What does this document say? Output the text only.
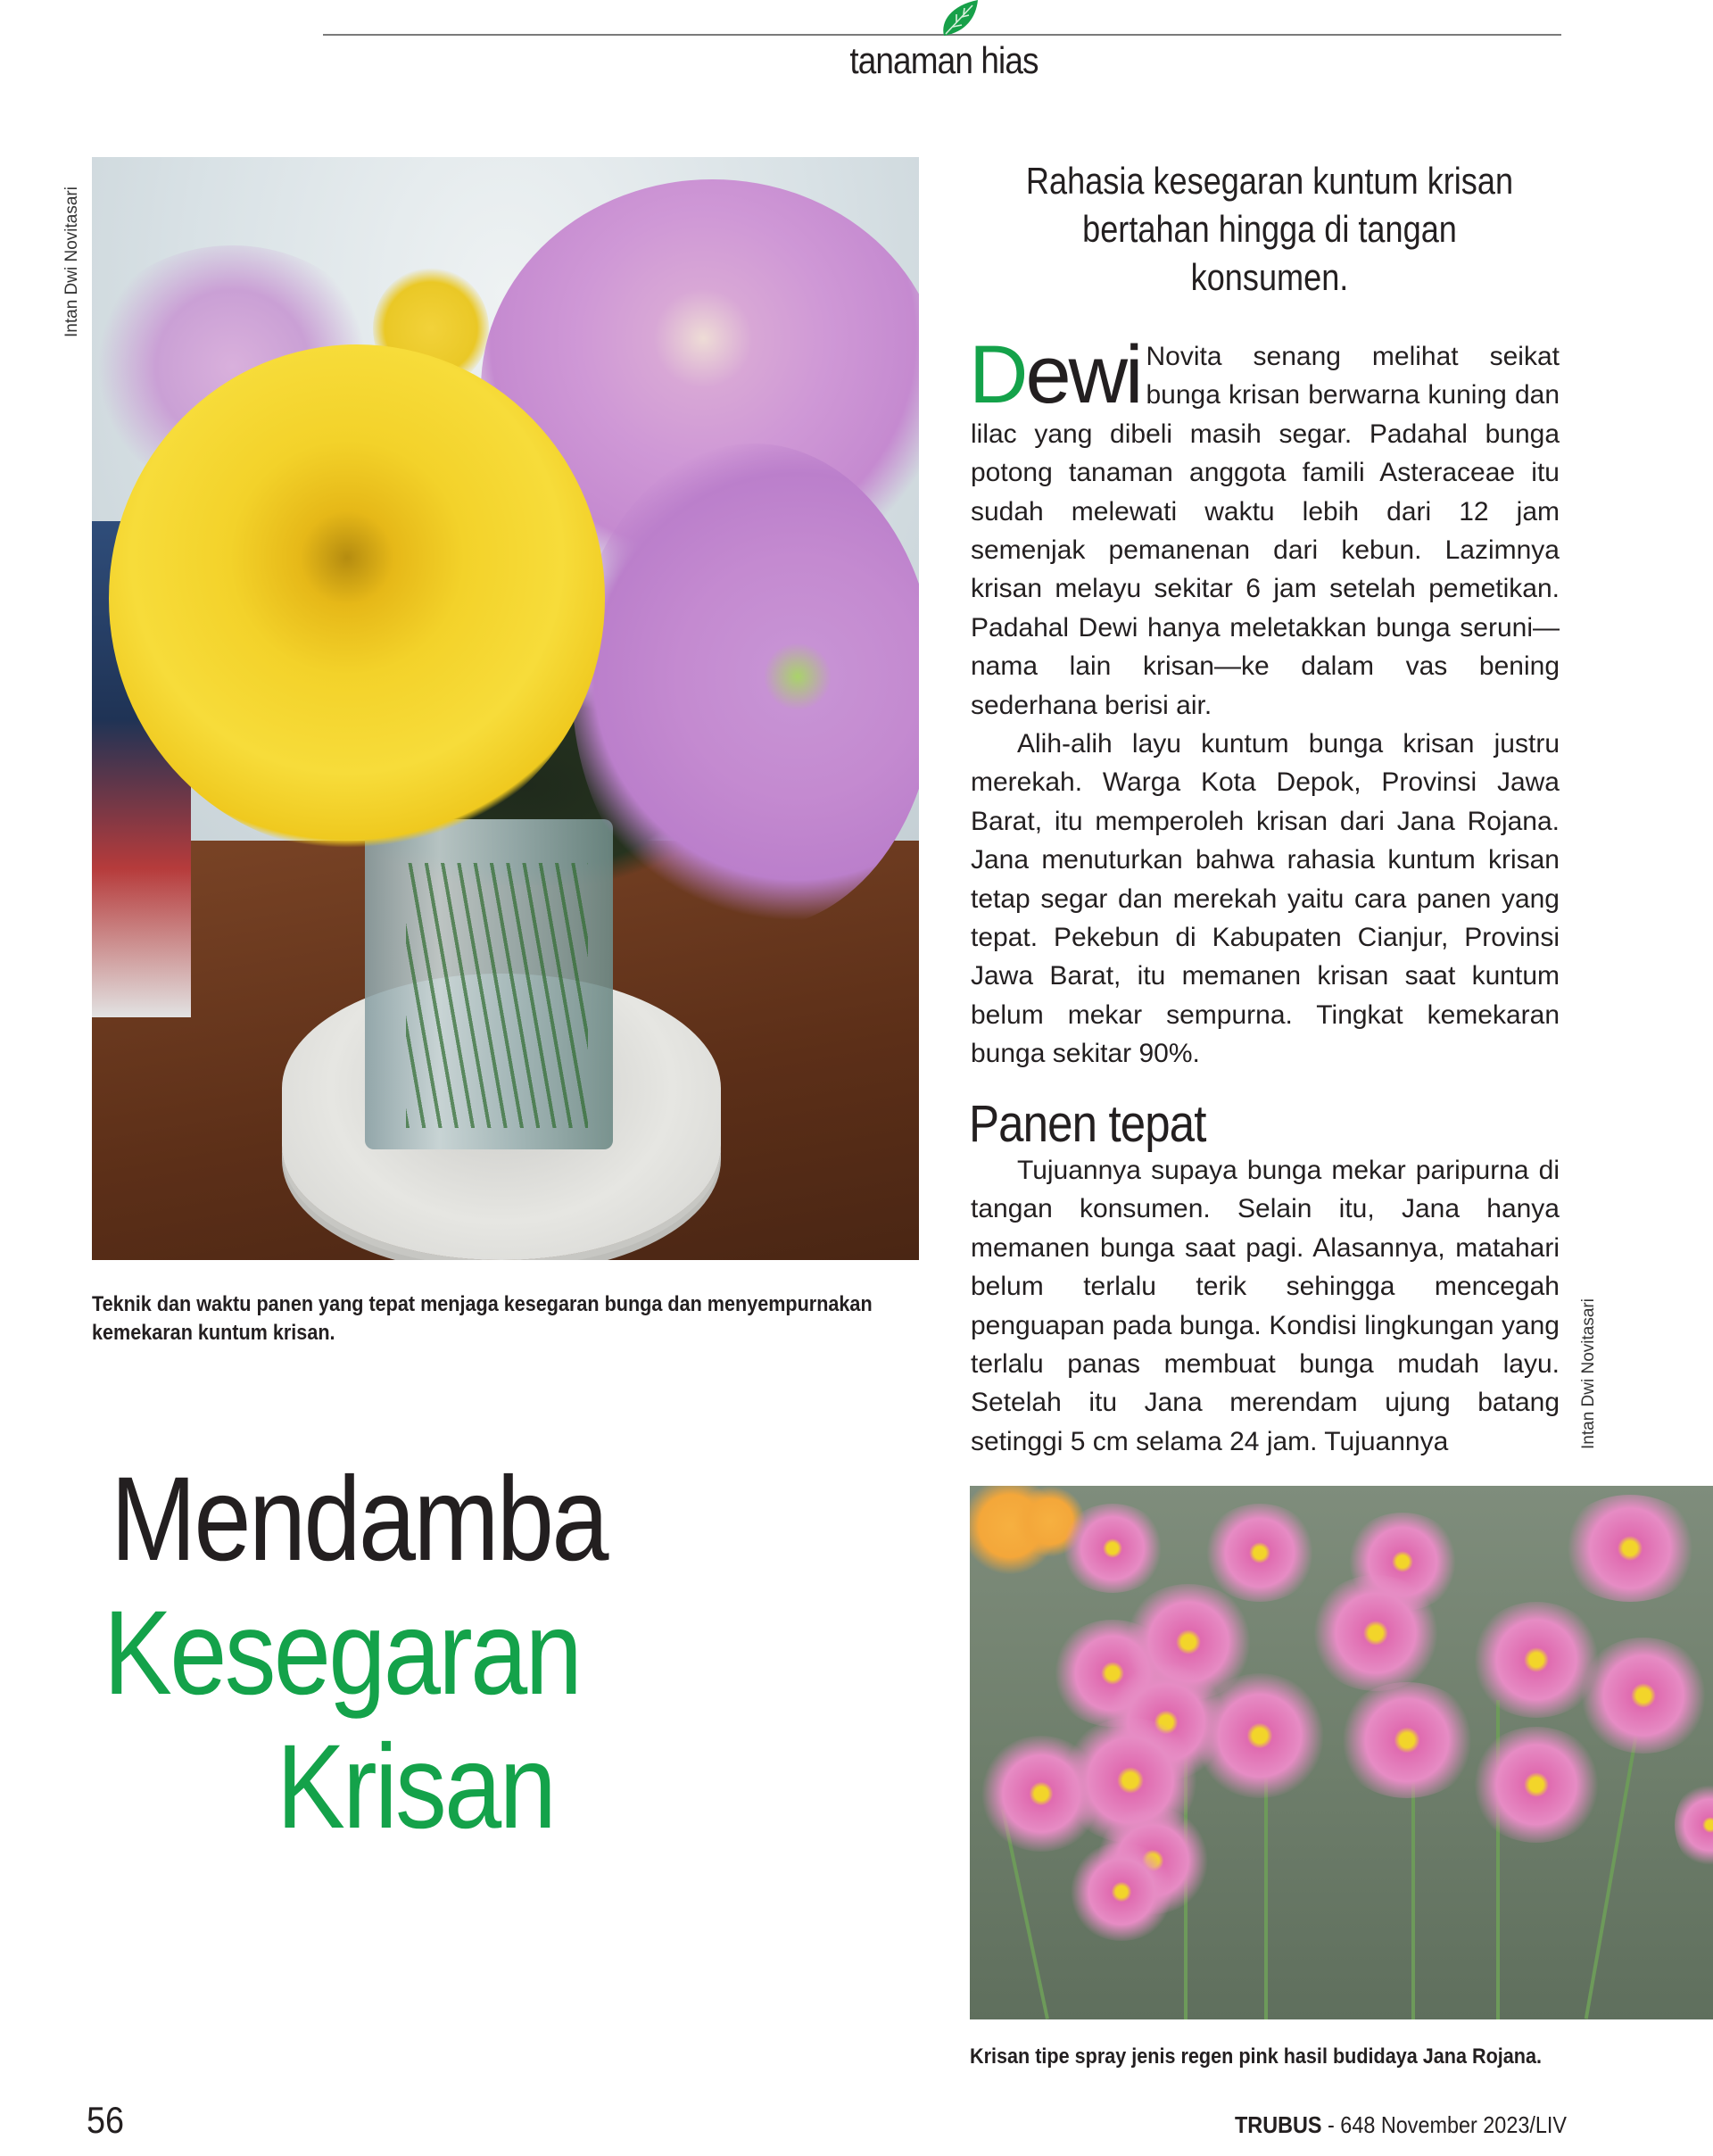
tanaman hias
Intan Dwi Novitasari
Intan Dwi Novitasari
Teknik dan waktu panen yang tepat menjaga kesegaran bunga dan menyempurnakan kemekaran kuntum krisan.
Mendamba
Kesegaran
Krisan
56
Rahasia kesegaran kuntum krisan bertahan hingga di tangan konsumen.

Dewi Novita senang melihat seikat bunga krisan berwarna kuning dan lilac yang dibeli masih segar. Padahal bunga potong tanaman anggota famili Asteraceae itu sudah melewati waktu lebih dari 12 jam semenjak pemanenan dari kebun. Lazimnya krisan melayu sekitar 6 jam setelah pemetikan. Padahal Dewi hanya meletakkan bunga seruni—nama lain krisan—ke dalam vas bening sederhana berisi air.

Alih-alih layu kuntum bunga krisan justru merekah. Warga Kota Depok, Provinsi Jawa Barat, itu memperoleh krisan dari Jana Rojana. Jana menuturkan bahwa rahasia kuntum krisan tetap segar dan merekah yaitu cara panen yang tepat. Pekebun di Kabupaten Cianjur, Provinsi Jawa Barat, itu memanen krisan saat kuntum belum mekar sempurna. Tingkat kemekaran bunga sekitar 90%.

Panen tepat

Tujuannya supaya bunga mekar paripurna di tangan konsumen. Selain itu, Jana hanya memanen bunga saat pagi. Alasannya, matahari belum terlalu terik sehingga mencegah penguapan pada bunga. Kondisi lingkungan yang terlalu panas membuat bunga mudah layu. Setelah itu Jana merendam ujung batang setinggi 5 cm selama 24 jam. Tujuannya

Krisan tipe spray jenis regen pink hasil budidaya Jana Rojana.
TRUBUS - 648 November 2023/LIV
